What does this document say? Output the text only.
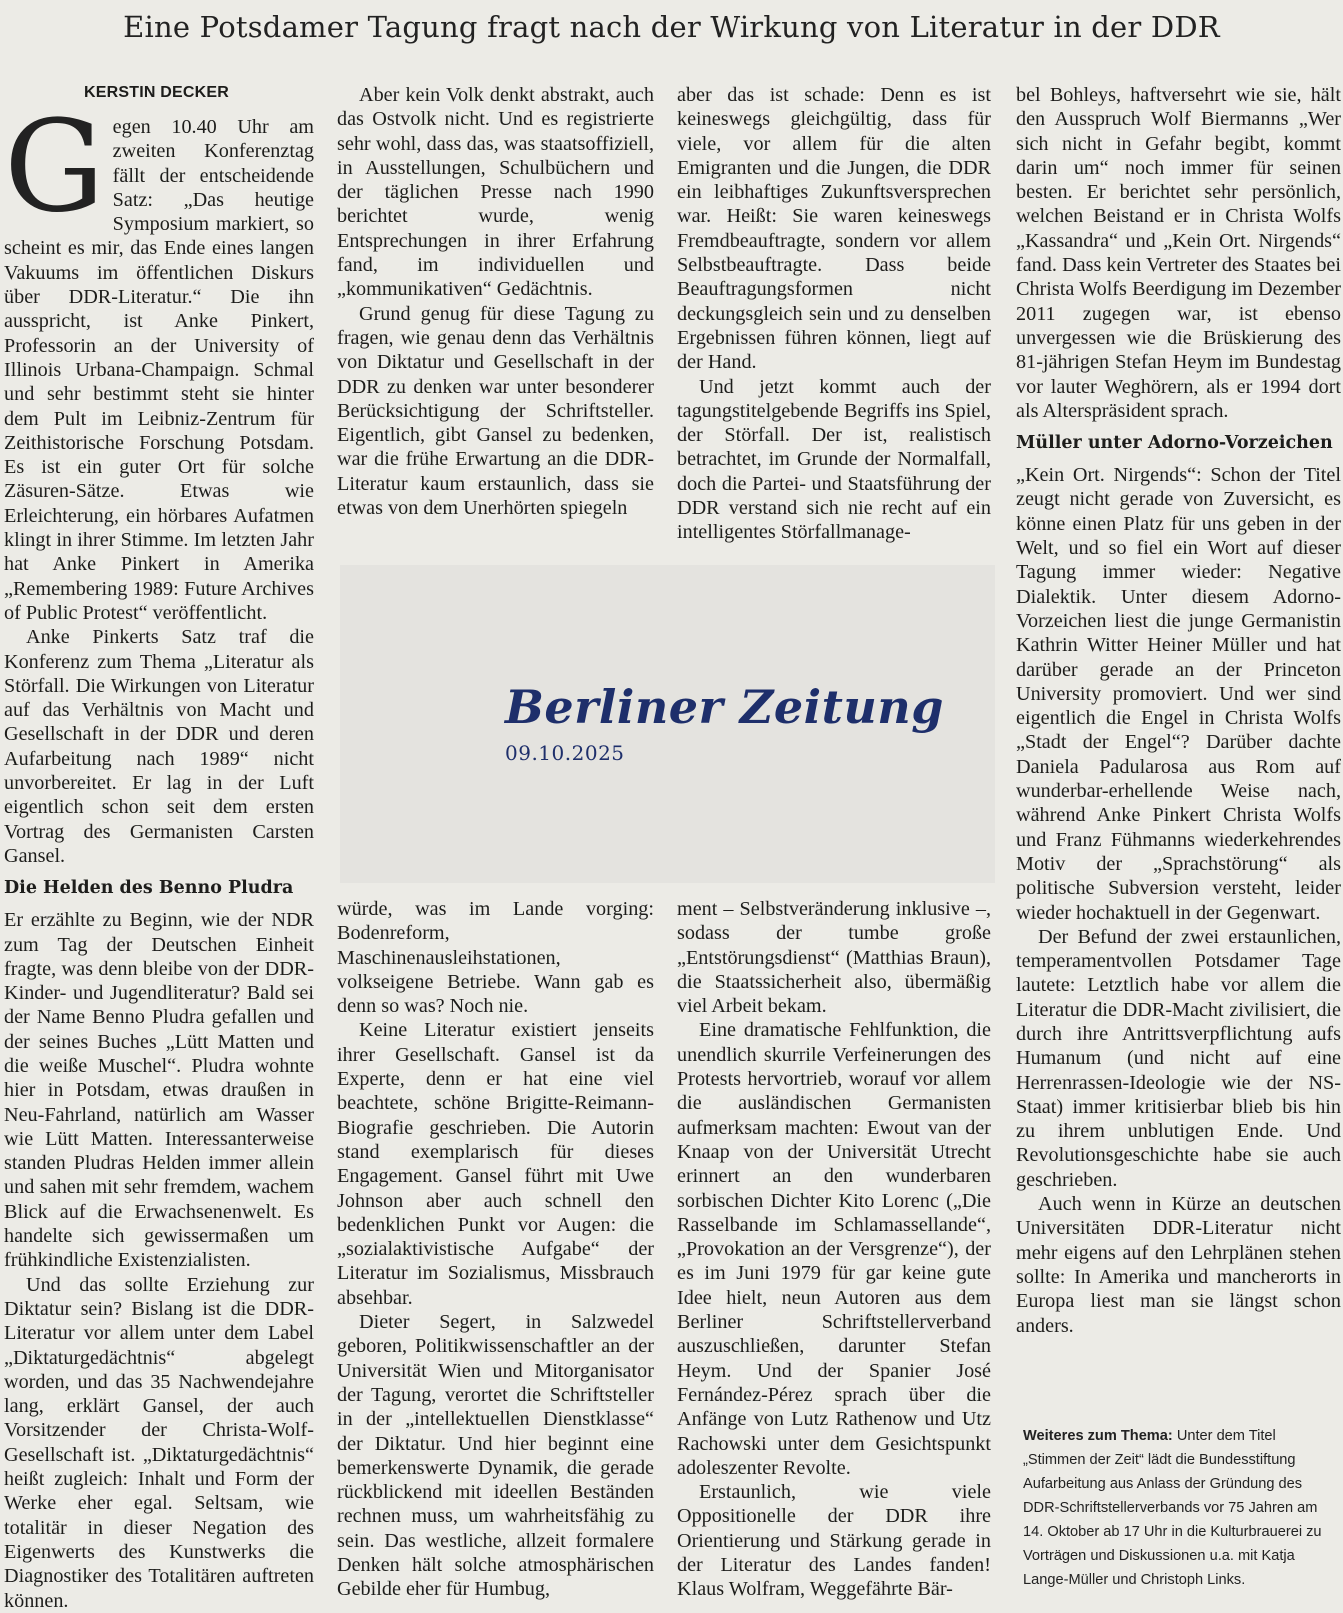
Eine Potsdamer Tagung fragt nach der Wirkung von Literatur in der DDR
KERSTIN DECKER

Gegen 10.40 Uhr am zweiten Konferenztag fällt der entscheidende Satz: „Das heutige Symposium markiert, so scheint es mir, das Ende eines langen Vakuums im öffentlichen Diskurs über DDR-Literatur.“ Die ihn ausspricht, ist Anke Pinkert, Professorin an der University of Illinois Urbana-Champaign. Schmal und sehr bestimmt steht sie hinter dem Pult im Leibniz-Zentrum für Zeithistorische Forschung Potsdam. Es ist ein guter Ort für solche Zäsuren-Sätze. Etwas wie Erleichterung, ein hörbares Aufatmen klingt in ihrer Stimme. Im letzten Jahr hat Anke Pinkert in Amerika „Remembering 1989: Future Archives of Public Protest“ veröffentlicht.

Anke Pinkerts Satz traf die Konferenz zum Thema „Literatur als Störfall. Die Wirkungen von Literatur auf das Verhältnis von Macht und Gesellschaft in der DDR und deren Aufarbeitung nach 1989“ nicht unvorbereitet. Er lag in der Luft eigentlich schon seit dem ersten Vortrag des Germanisten Carsten Gansel.

Die Helden des Benno Pludra

Er erzählte zu Beginn, wie der NDR zum Tag der Deutschen Einheit fragte, was denn bleibe von der DDR-Kinder- und Jugendliteratur? Bald sei der Name Benno Pludra gefallen und der seines Buches „Lütt Matten und die weiße Muschel“. Pludra wohnte hier in Potsdam, etwas draußen in Neu-Fahrland, natürlich am Wasser wie Lütt Matten. Interessanterweise standen Pludras Helden immer allein und sahen mit sehr fremdem, wachem Blick auf die Erwachsenenwelt. Es handelte sich gewissermaßen um frühkindliche Existenzialisten.

Und das sollte Erziehung zur Diktatur sein? Bislang ist die DDR-Literatur vor allem unter dem Label „Diktaturgedächtnis“ abgelegt worden, und das 35 Nachwendejahre lang, erklärt Gansel, der auch Vorsitzender der Christa-Wolf-Gesellschaft ist. „Diktaturgedächtnis“ heißt zugleich: Inhalt und Form der Werke eher egal. Seltsam, wie totalitär in dieser Negation des Eigenwerts des Kunstwerks die Diagnostiker des Totalitären auftreten können.

Aber kein Volk denkt abstrakt, auch das Ostvolk nicht. Und es registrierte sehr wohl, dass das, was staatsoffiziell, in Ausstellungen, Schulbüchern und der täglichen Presse nach 1990 berichtet wurde, wenig Entsprechungen in ihrer Erfahrung fand, im individuellen und „kommunikativen“ Gedächtnis.

Grund genug für diese Tagung zu fragen, wie genau denn das Verhältnis von Diktatur und Gesellschaft in der DDR zu denken war unter besonderer Berücksichtigung der Schriftsteller. Eigentlich, gibt Gansel zu bedenken, war die frühe Erwartung an die DDR-Literatur kaum erstaunlich, dass sie etwas von dem Unerhörten spiegeln

aber das ist schade: Denn es ist keineswegs gleichgültig, dass für viele, vor allem für die alten Emigranten und die Jungen, die DDR ein leibhaftiges Zukunftsversprechen war. Heißt: Sie waren keineswegs Fremdbeauftragte, sondern vor allem Selbstbeauftragte. Dass beide Beauftragungsformen nicht deckungsgleich sein und zu denselben Ergebnissen führen können, liegt auf der Hand.

Und jetzt kommt auch der tagungstitelgebende Begriffs ins Spiel, der Störfall. Der ist, realistisch betrachtet, im Grunde der Normalfall, doch die Partei- und Staatsführung der DDR verstand sich nie recht auf ein intelligentes Störfallmanage-

Berliner Zeitung
09.10.2025

würde, was im Lande vorging: Bodenreform, Maschinenausleihstationen, volkseigene Betriebe. Wann gab es denn so was? Noch nie.

Keine Literatur existiert jenseits ihrer Gesellschaft. Gansel ist da Experte, denn er hat eine viel beachtete, schöne Brigitte-Reimann-Biografie geschrieben. Die Autorin stand exemplarisch für dieses Engagement. Gansel führt mit Uwe Johnson aber auch schnell den bedenklichen Punkt vor Augen: die „sozialaktivistische Aufgabe“ der Literatur im Sozialismus, Missbrauch absehbar.

Dieter Segert, in Salzwedel geboren, Politikwissenschaftler an der Universität Wien und Mitorganisator der Tagung, verortet die Schriftsteller in der „intellektuellen Dienstklasse“ der Diktatur. Und hier beginnt eine bemerkenswerte Dynamik, die gerade rückblickend mit ideellen Beständen rechnen muss, um wahrheitsfähig zu sein. Das westliche, allzeit formalere Denken hält solche atmosphärischen Gebilde eher für Humbug,

ment – Selbstveränderung inklusive –, sodass der tumbe große „Entstörungsdienst“ (Matthias Braun), die Staatssicherheit also, übermäßig viel Arbeit bekam.

Eine dramatische Fehlfunktion, die unendlich skurrile Verfeinerungen des Protests hervortrieb, worauf vor allem die ausländischen Germanisten aufmerksam machten: Ewout van der Knaap von der Universität Utrecht erinnert an den wunderbaren sorbischen Dichter Kito Lorenc („Die Rasselbande im Schlamassellande“, „Provokation an der Versgrenze“), der es im Juni 1979 für gar keine gute Idee hielt, neun Autoren aus dem Berliner Schriftstellerverband auszuschließen, darunter Stefan Heym. Und der Spanier José Fernández-Pérez sprach über die Anfänge von Lutz Rathenow und Utz Rachowski unter dem Gesichtspunkt adoleszenter Revolte.

Erstaunlich, wie viele Oppositionelle der DDR ihre Orientierung und Stärkung gerade in der Literatur des Landes fanden! Klaus Wolfram, Weggefährte Bär-

bel Bohleys, haftversehrt wie sie, hält den Ausspruch Wolf Biermanns „Wer sich nicht in Gefahr begibt, kommt darin um“ noch immer für seinen besten. Er berichtet sehr persönlich, welchen Beistand er in Christa Wolfs „Kassandra“ und „Kein Ort. Nirgends“ fand. Dass kein Vertreter des Staates bei Christa Wolfs Beerdigung im Dezember 2011 zugegen war, ist ebenso unvergessen wie die Brüskierung des 81-jährigen Stefan Heym im Bundestag vor lauter Weghörern, als er 1994 dort als Alterspräsident sprach.

Müller unter Adorno-Vorzeichen

„Kein Ort. Nirgends“: Schon der Titel zeugt nicht gerade von Zuversicht, es könne einen Platz für uns geben in der Welt, und so fiel ein Wort auf dieser Tagung immer wieder: Negative Dialektik. Unter diesem Adorno-Vorzeichen liest die junge Germanistin Kathrin Witter Heiner Müller und hat darüber gerade an der Princeton University promoviert. Und wer sind eigentlich die Engel in Christa Wolfs „Stadt der Engel“? Darüber dachte Daniela Padularosa aus Rom auf wunderbar-erhellende Weise nach, während Anke Pinkert Christa Wolfs und Franz Fühmanns wiederkehrendes Motiv der „Sprachstörung“ als politische Subversion versteht, leider wieder hochaktuell in der Gegenwart.

Der Befund der zwei erstaunlichen, temperamentvollen Potsdamer Tage lautete: Letztlich habe vor allem die Literatur die DDR-Macht zivilisiert, die durch ihre Antrittsverpflichtung aufs Humanum (und nicht auf eine Herrenrassen-Ideologie wie der NS-Staat) immer kritisierbar blieb bis hin zu ihrem unblutigen Ende. Und Revolutionsgeschichte habe sie auch geschrieben.

Auch wenn in Kürze an deutschen Universitäten DDR-Literatur nicht mehr eigens auf den Lehrplänen stehen sollte: In Amerika und mancherorts in Europa liest man sie längst schon anders.

Weiteres zum Thema: Unter dem Titel „Stimmen der Zeit“ lädt die Bundesstiftung Aufarbeitung aus Anlass der Gründung des DDR-Schriftstellerverbands vor 75 Jahren am 14. Oktober ab 17 Uhr in die Kulturbrauerei zu Vorträgen und Diskussionen u.a. mit Katja Lange-Müller und Christoph Links.
